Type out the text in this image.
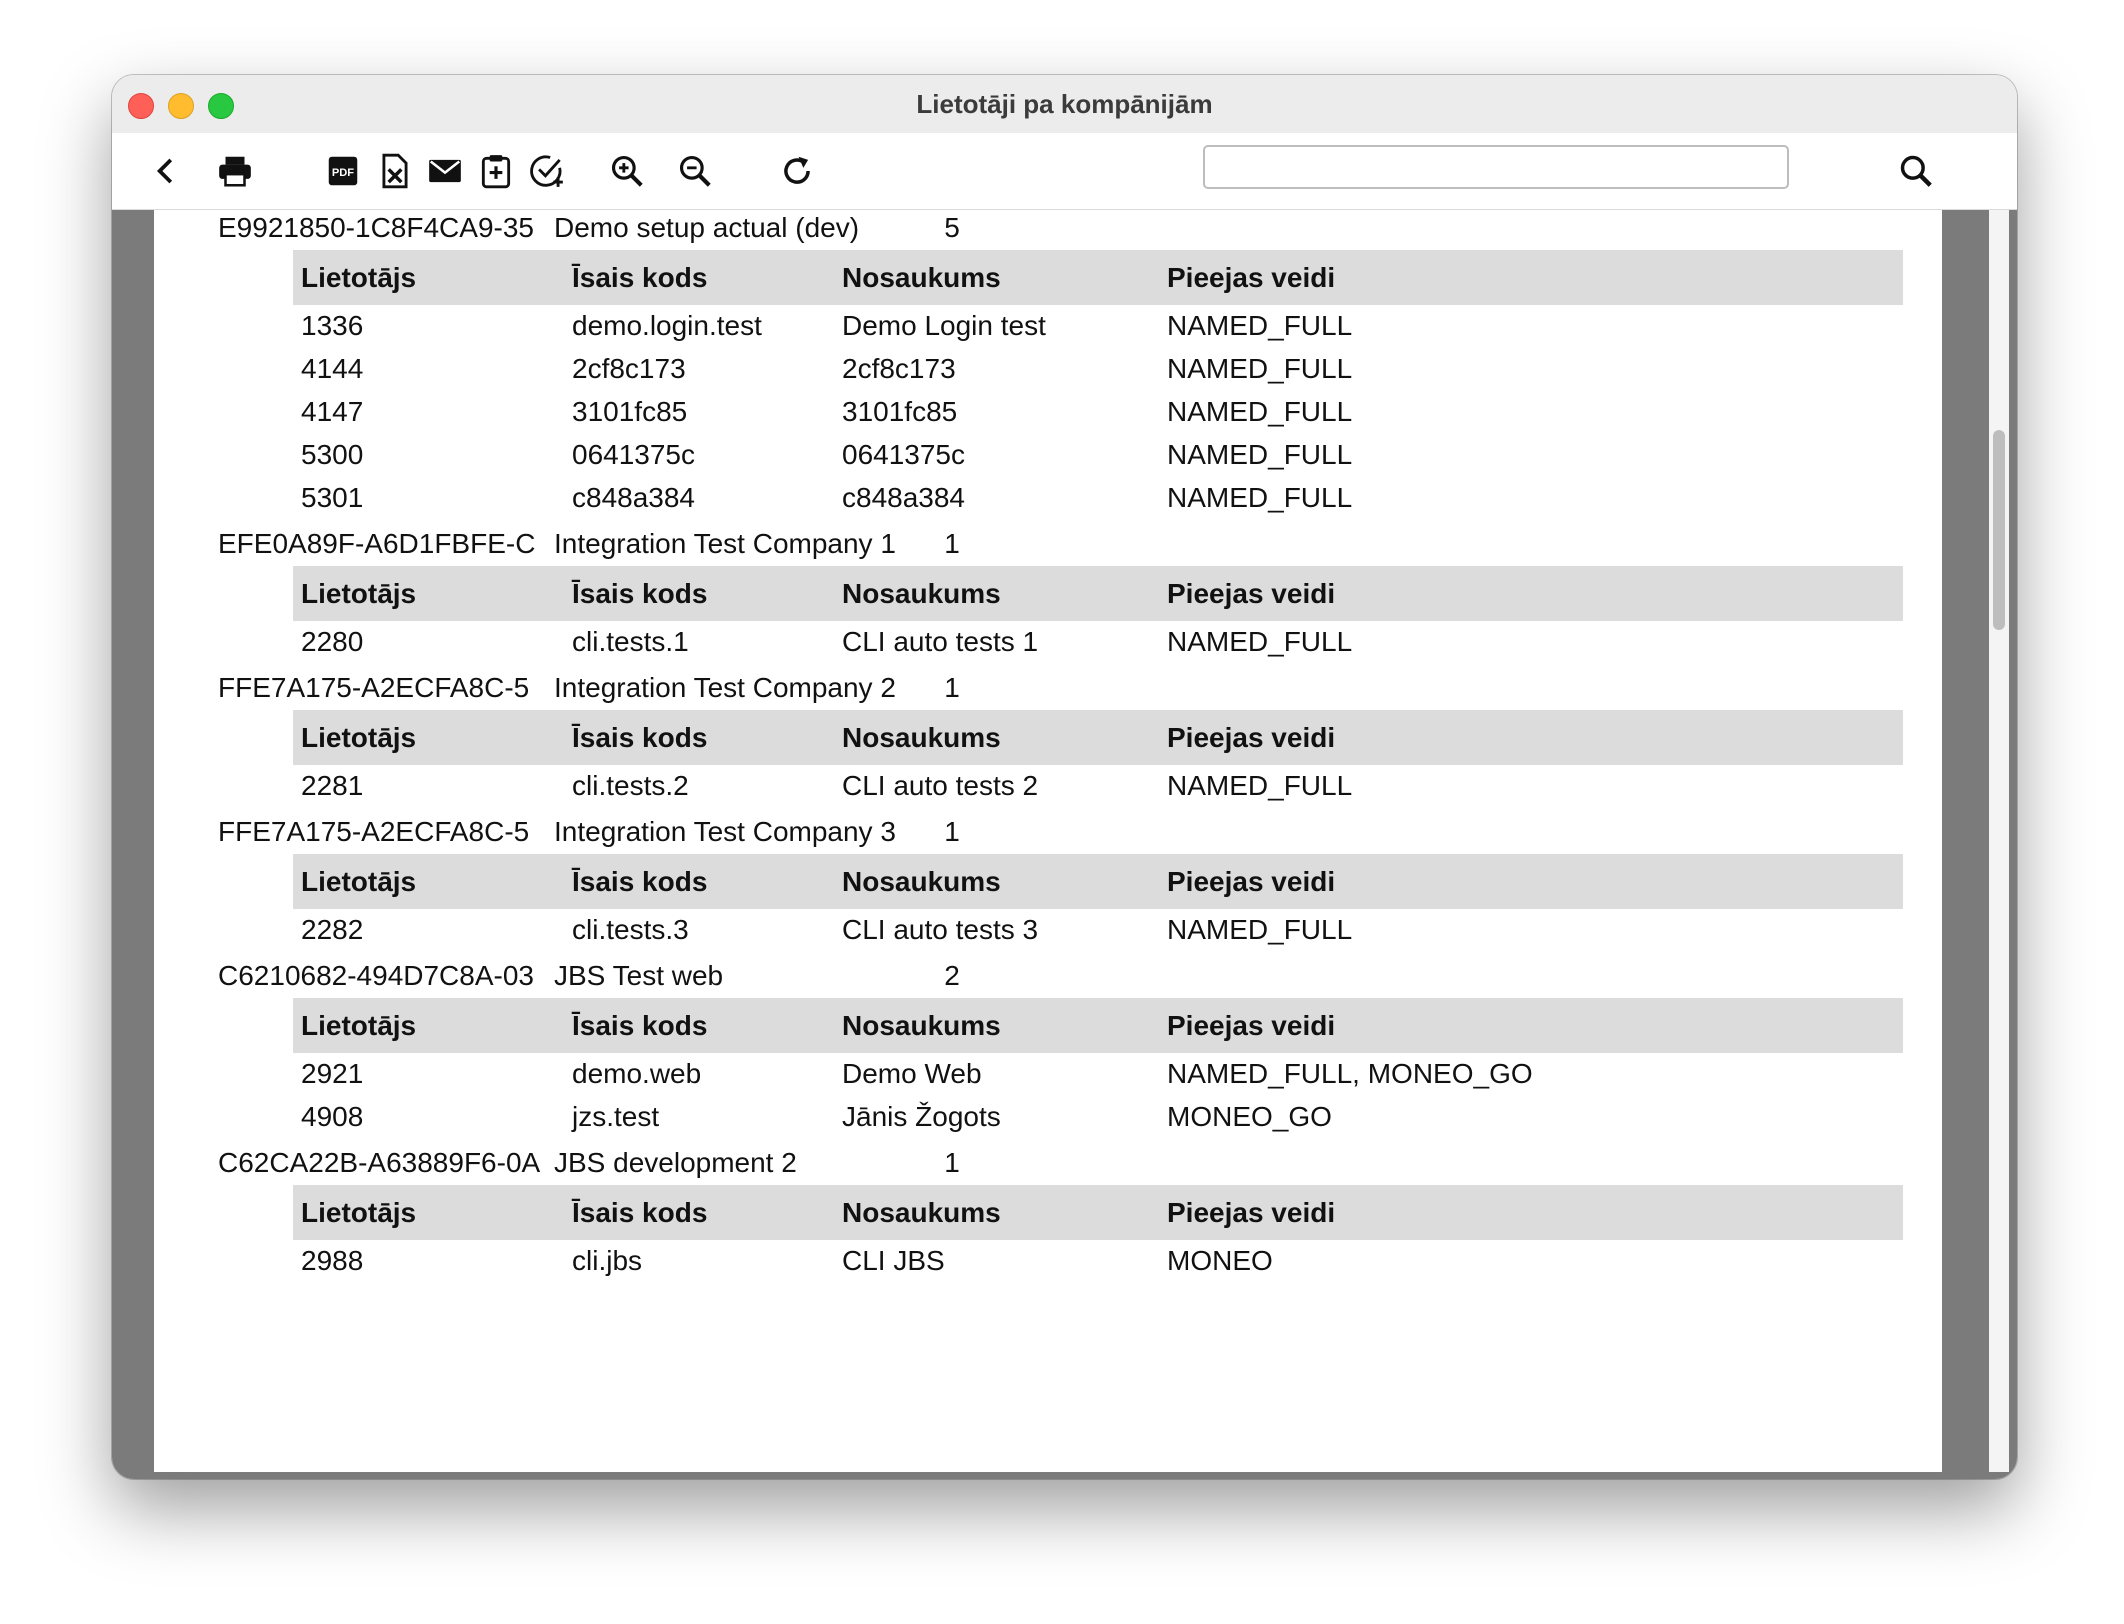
Lietotāji pa kompānijām
PDF
E9921850-1C8F4CA9-35 Demo setup actual (dev)	5
Lietotājs	Īsais kods	Nosaukums	Pieejas veidi
1336	demo.login.test	Demo Login test	NAMED_FULL
4144	2cf8c173	2cf8c173	NAMED_FULL
4147	3101fc85	3101fc85	NAMED_FULL
5300	0641375c	0641375c	NAMED_FULL
5301	c848a384	c848a384	NAMED_FULL
EFE0A89F-A6D1FBFE-C Integration Test Company 1	1
Lietotājs	Īsais kods	Nosaukums	Pieejas veidi
2280	cli.tests.1	CLI auto tests 1	NAMED_FULL
FFE7A175-A2ECFA8C-5 Integration Test Company 2	1
Lietotājs	Īsais kods	Nosaukums	Pieejas veidi
2281	cli.tests.2	CLI auto tests 2	NAMED_FULL
FFE7A175-A2ECFA8C-5 Integration Test Company 3	1
Lietotājs	Īsais kods	Nosaukums	Pieejas veidi
2282	cli.tests.3	CLI auto tests 3	NAMED_FULL
C6210682-494D7C8A-03 JBS Test web	2
Lietotājs	Īsais kods	Nosaukums	Pieejas veidi
2921	demo.web	Demo Web	NAMED_FULL, MONEO_GO
4908	jzs.test	Jānis Žogots	MONEO_GO
C62CA22B-A63889F6-0A JBS development 2	1
Lietotājs	Īsais kods	Nosaukums	Pieejas veidi
2988	cli.jbs	CLI JBS	MONEO
